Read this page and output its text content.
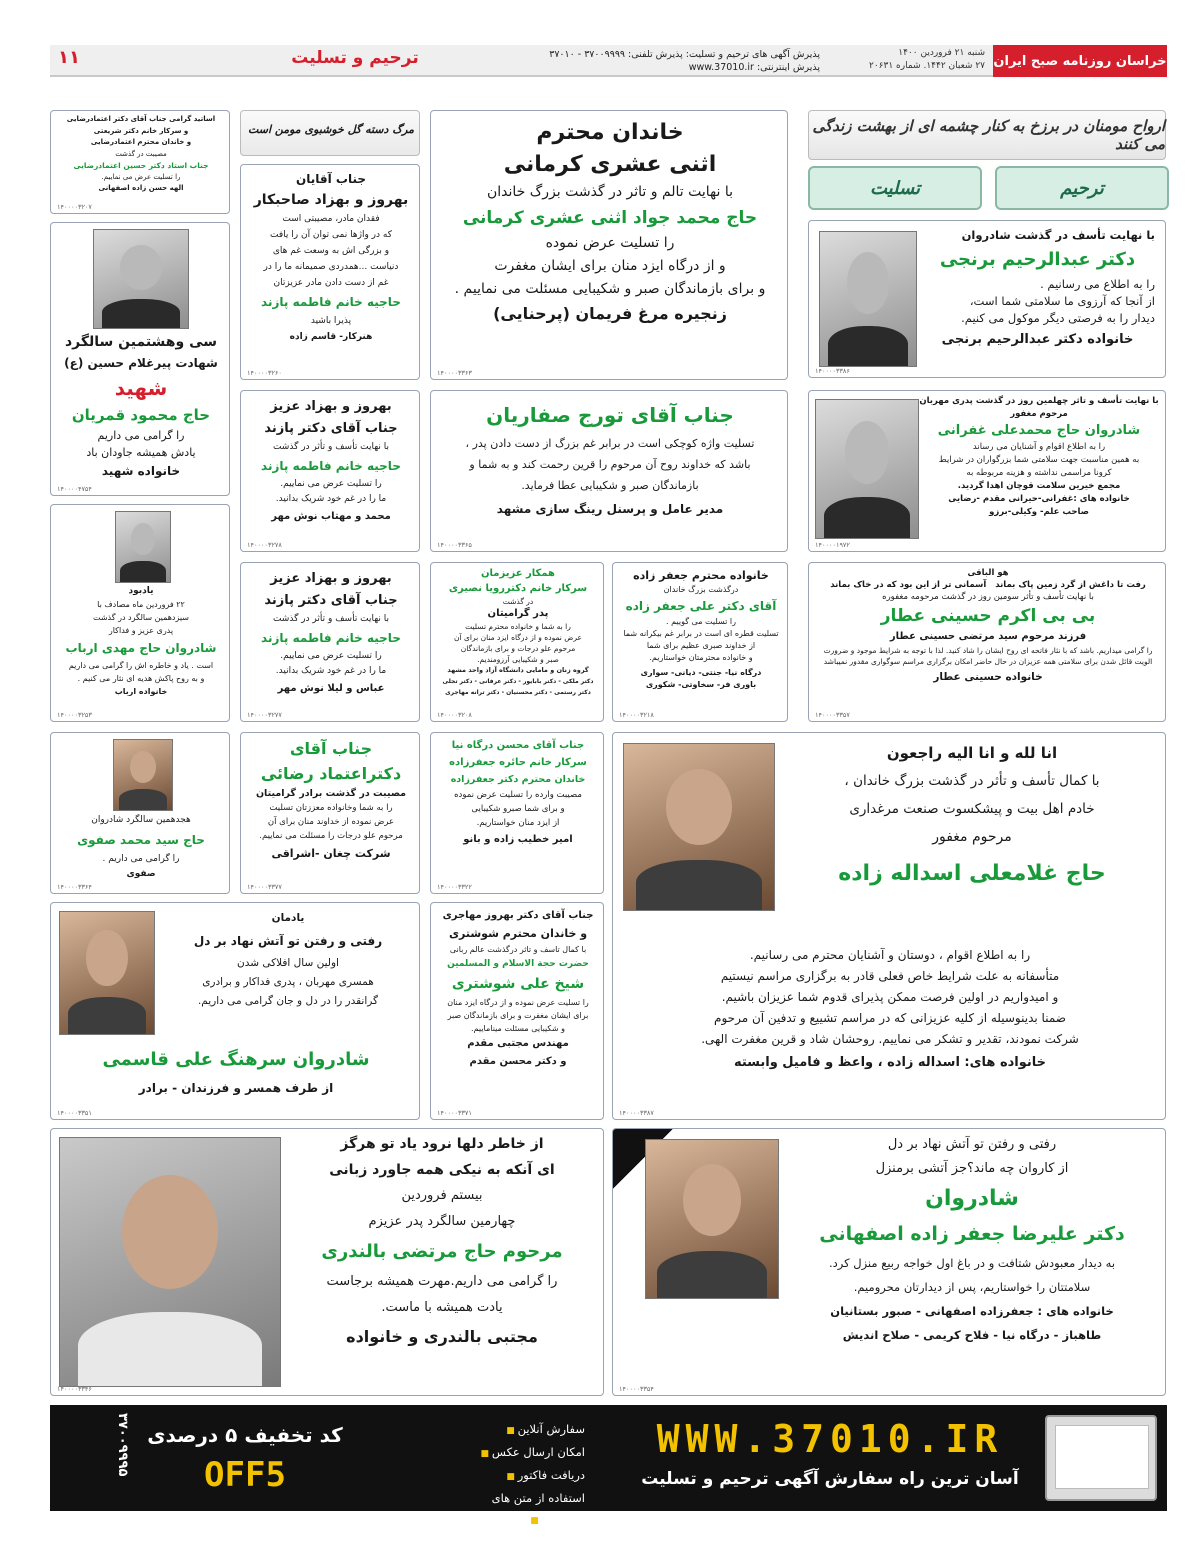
خراسان روزنامه صبح ایران
شنبه ۲۱ فروردین ۱۴۰۰
۲۷ شعبان ۱۴۴۲. شماره ۲۰۶۳۱
پذیرش آگهی های ترحیم و تسلیت: پذیرش تلفنی: ۳۷۰۰۹۹۹۹ - ۳۷۰۱۰
پذیرش اینترنتی: www.37010.ir
ترحیم و تسلیت
۱۱
ارواح مومنان در برزخ به کنار چشمه ای از بهشت زندگی می کنند
ترحیم
تسلیت
با نهایت تأسف در گذشت شادروان
دکتر عبدالرحیم برنجی
را به اطلاع می رسانیم .
از آنجا که آرزوی ما سلامتی شما است،
دیدار را به فرصتی دیگر موکول می کنیم.
خانواده دکتر عبدالرحیم برنجی
۱۴۰۰۰۰۳۳۸۶
با نهایت تأسف و تاثر چهلمین روز در گذشت پدری مهربان
مرحوم مغفور
شادروان حاج محمدعلی غفرانی
را به اطلاع اقوام و آشنایان می رساند
به همین مناسبت جهت سلامتی شما بزرگواران در شرایط
کرونا مراسمی نداشته و هزینه مربوطه به
مجمع خیرین سلامت قوچان اهدا گردید.
خانواده های :غفرانی-حیرانی مقدم -رضایی
صاحب علم- وکیلی-برزو
۱۴۰۰۰۰۱۹۷۲
هو الباقی
رفت تا داغش از گرد زمین پاک بماند   آسمانی تر از این بود که در خاک بماند
با نهایت تأسف و تأثر سومین روز در گذشت مرحومه مغفوره
بی بی اکرم حسینی عطار
فرزند مرحوم سید مرتضی حسینی عطار
را گرامی میداریم. باشد که با نثار فاتحه ای روح ایشان را شاد کنید. لذا با توجه به شرایط موجود و ضرورت الویت قائل شدن برای سلامتی همه عزیزان در حال حاضر امکان برگزاری مراسم سوگواری مقدور نمیباشد
خانواده حسینی عطار
۱۴۰۰۰۰۳۳۵۷
خاندان محترم
اثنی عشری کرمانی
با نهایت تالم و تاثر در گذشت بزرگ خاندان
حاج محمد جواد اثنی عشری کرمانی
را تسلیت عرض نموده
و از درگاه ایزد منان برای ایشان مغفرت
و برای بازماندگان صبر و شکیبایی مسئلت می نماییم .
زنجیره مرغ فریمان (پرحنایی)
۱۴۰۰۰۰۳۳۶۳
جناب آقای تورج صفاریان
تسلیت واژه کوچکی است در برابر غم بزرگ از دست دادن پدر ،
باشد که خداوند روح آن مرحوم را قرین رحمت کند و به شما و
بازماندگان صبر و شکیبایی عطا فرماید.
مدیر عامل و پرسنل رینگ سازی مشهد
۱۴۰۰۰۰۳۳۶۵
خانواده محترم جعفر زاده
درگذشت بزرگ خاندان
آقای دکتر علی جعفر زاده
را تسلیت می گوییم .
تسلیت قطره ای است در برابر غم بیکرانه شما
از خداوند صبری عظیم برای شما
و خانواده محترمتان خواستاریم.
درگاه نیا- جنتی- دیانی- سواری
باوری فر- سخاوتی- شکوری
۱۴۰۰۰۰۳۲۱۸
همکار عزیزمان
سرکار خانم دکتررویا نصیری
در گذشت
پدر گرامیتان
را به شما و خانواده محترم تسلیت
عرض نموده و از درگاه ایزد منان برای آن
مرحوم علو درجات و برای بازماندگان
صبر و شکیبایی آرزومندیم.
گروه زنان و مامایی دانشگاه آزاد واحد مشهد
دکتر ملکی - دکتر بابایور - دکتر عرفانی - دکتر تجلی
دکتر رستمی - دکتر محسنیان - دکتر ترانه مهاجری
۱۴۰۰۰۰۳۲۰۸
جناب آقای محسن درگاه نیا
سرکار خانم حائره جعفرزاده
خاندان محترم دکتر جعفرزاده
مصیبت وارده را تسلیت عرض نموده
و برای شما صبرو شکیبایی
از ایزد منان خواستاریم.
امیر خطیب زاده و بانو
۱۴۰۰۰۰۳۳۲۲
جناب آقای دکتر بهروز مهاجری
و خاندان محترم شوشتری
با کمال تاسف و تاثر درگذشت عالم ربانی
حضرت حجة الاسلام و المسلمین
شیخ علی شوشتری
را تسلیت عرض نموده و از درگاه ایزد منان
برای ایشان مغفرت و برای بازماندگان صبر
و شکیبایی مسئلت میناماییم.
مهندس مجتبی مقدم
و دکتر محسن مقدم
۱۴۰۰۰۰۳۳۷۱
مرگ دسته گل خوشبوی مومن است
جناب آقایان
بهروز و بهزاد صاحبکار
فقدان مادر، مصیبتی است
که در واژها نمی توان آن را یافت
و بزرگی اش به وسعت غم های
دنیاست ...همدردی صمیمانه ما را در
غم از دست دادن مادر عزیزتان
حاجیه خانم فاطمه پازند
پذیرا باشید
هنرکار- قاسم زاده
۱۴۰۰۰۰۳۲۶۰
بهروز و بهزاد عزیز
جناب آقای دکتر پازند
با نهایت تأسف و تأثر در گذشت
حاجیه خانم فاطمه پازند
را تسلیت عرض می نماییم.
ما را در غم خود شریک بدانید.
محمد و مهتاب نوش مهر
۱۴۰۰۰۰۳۲۷۸
بهروز و بهزاد عزیز
جناب آقای دکتر پازند
با نهایت تأسف و تأثر در گذشت
حاجیه خانم فاطمه پازند
را تسلیت عرض می نماییم.
ما را در غم خود شریک بدانید.
عباس و لیلا نوش مهر
۱۴۰۰۰۰۳۲۷۷
جناب آقای
دکتراعتماد رضائی
مصیبت در گذشت برادر گرامیتان
را به شما وخانواده معززتان تسلیت
عرض نموده از خداوند منان برای آن
مرحوم علو درجات را مسئلت می نماییم.
شرکت چغان -اشراقی
۱۴۰۰۰۰۳۳۷۷
اساتید گرامی جناب آقای دکتر اعتمادرضایی
و سرکار خانم دکتر شریعتی
و خاندان محترم اعتمادرضایی
مصیبت در گذشت
جناب استاد دکتر حسین اعتمادرضایی
را تسلیت عرض می نماییم.
الهه حسن زاده اصفهانی
۱۴۰۰۰۰۳۲۰۷
سی وهشتمین سالگرد
شهادت پیرغلام حسین (ع)
شهید
حاج محمود قمریان
را گرامی می داریم
یادش همیشه جاودان باد
خانواده شهید
۱۴۰۰۰۰۴۷۵۴
یادبود
۲۲ فروردین ماه مصادف با
سیزدهمین سالگرد در گذشت
پدری عزیز و فداکار
شادروان حاج مهدی ارباب
است . یاد و خاطره اش را گرامی می داریم
و به روح پاکش هدیه ای نثار می کنیم .
خانواده ارباب
۱۴۰۰۰۰۳۲۵۳
هجدهمین سالگرد شادروان
حاج سید محمد صفوی
را گرامی می داریم .
صفوی
۱۴۰۰۰۰۳۳۶۴
یادمان
رفتی و رفتن تو آتش نهاد بر دل
اولین سال افلاکی شدن
همسری مهربان ، پدری فداکار و برادری
گرانقدر را در دل و جان گرامی می داریم.
شادروان سرهنگ علی قاسمی
از طرف همسر و فرزندان - برادر
۱۴۰۰۰۰۳۳۵۱
انا لله و انا الیه راجعون
با کمال تأسف و تأثر در گذشت بزرگ خاندان ،
خادم اهل بیت و پیشکسوت صنعت مرغداری
مرحوم مغفور
حاج غلامعلی اسداله زاده
را به اطلاع اقوام ، دوستان و آشنایان محترم می رسانیم.
متأسفانه به علت شرایط خاص فعلی قادر به برگزاری مراسم نیستیم
و امیدواریم در اولین فرصت ممکن پذیرای قدوم شما عزیزان باشیم.
ضمنا بدینوسیله از کلیه عزیزانی که در مراسم تشییع و تدفین آن مرحوم
شرکت نمودند، تقدیر و تشکر می نماییم. روحشان شاد و قرین مغفرت الهی.
خانواده های: اسداله زاده ، واعظ و فامیل وابسته
۱۴۰۰۰۰۳۳۸۷
رفتی و رفتن تو آتش نهاد بر دل
از کاروان چه ماند؟جز آتشی برمنزل
شادروان
دکتر علیرضا جعفر زاده اصفهانی
به دیدار معبودش شتافت و در باغ اول خواجه ربیع منزل کرد.
سلامتتان را خواستاریم، پس از دیدارتان محروميم.
خانواده های : جعفرزاده اصفهانی - صبور بستانیان
طاهباز - درگاه نیا - فلاح کریمی - صلاح اندیش
۱۴۰۰۰۰۳۳۵۴
از خاطر دلها نرود یاد تو هرگز
ای آنکه به نیکی همه جاورد زبانی
بیستم فروردین
چهارمین سالگرد پدر عزیزم
مرحوم حاج مرتضی بالندری
را گرامی می داریم.مهرت همیشه برجاست
یادت همیشه با ماست.
مجتبی بالندری و خانواده
۱۴۰۰۰۰۳۳۴۶
WWW.37010.IR
آسان ترین راه سفارش آگهی ترحیم و تسلیت
سفارش آنلاین ■
امکان ارسال عکس ■
دریافت فاکتور ■
استفاده از متن های پیشنهادی ■
کد تخفیف ۵ درصدی
OFF5
۳۷۰۰۹۹۹۵
